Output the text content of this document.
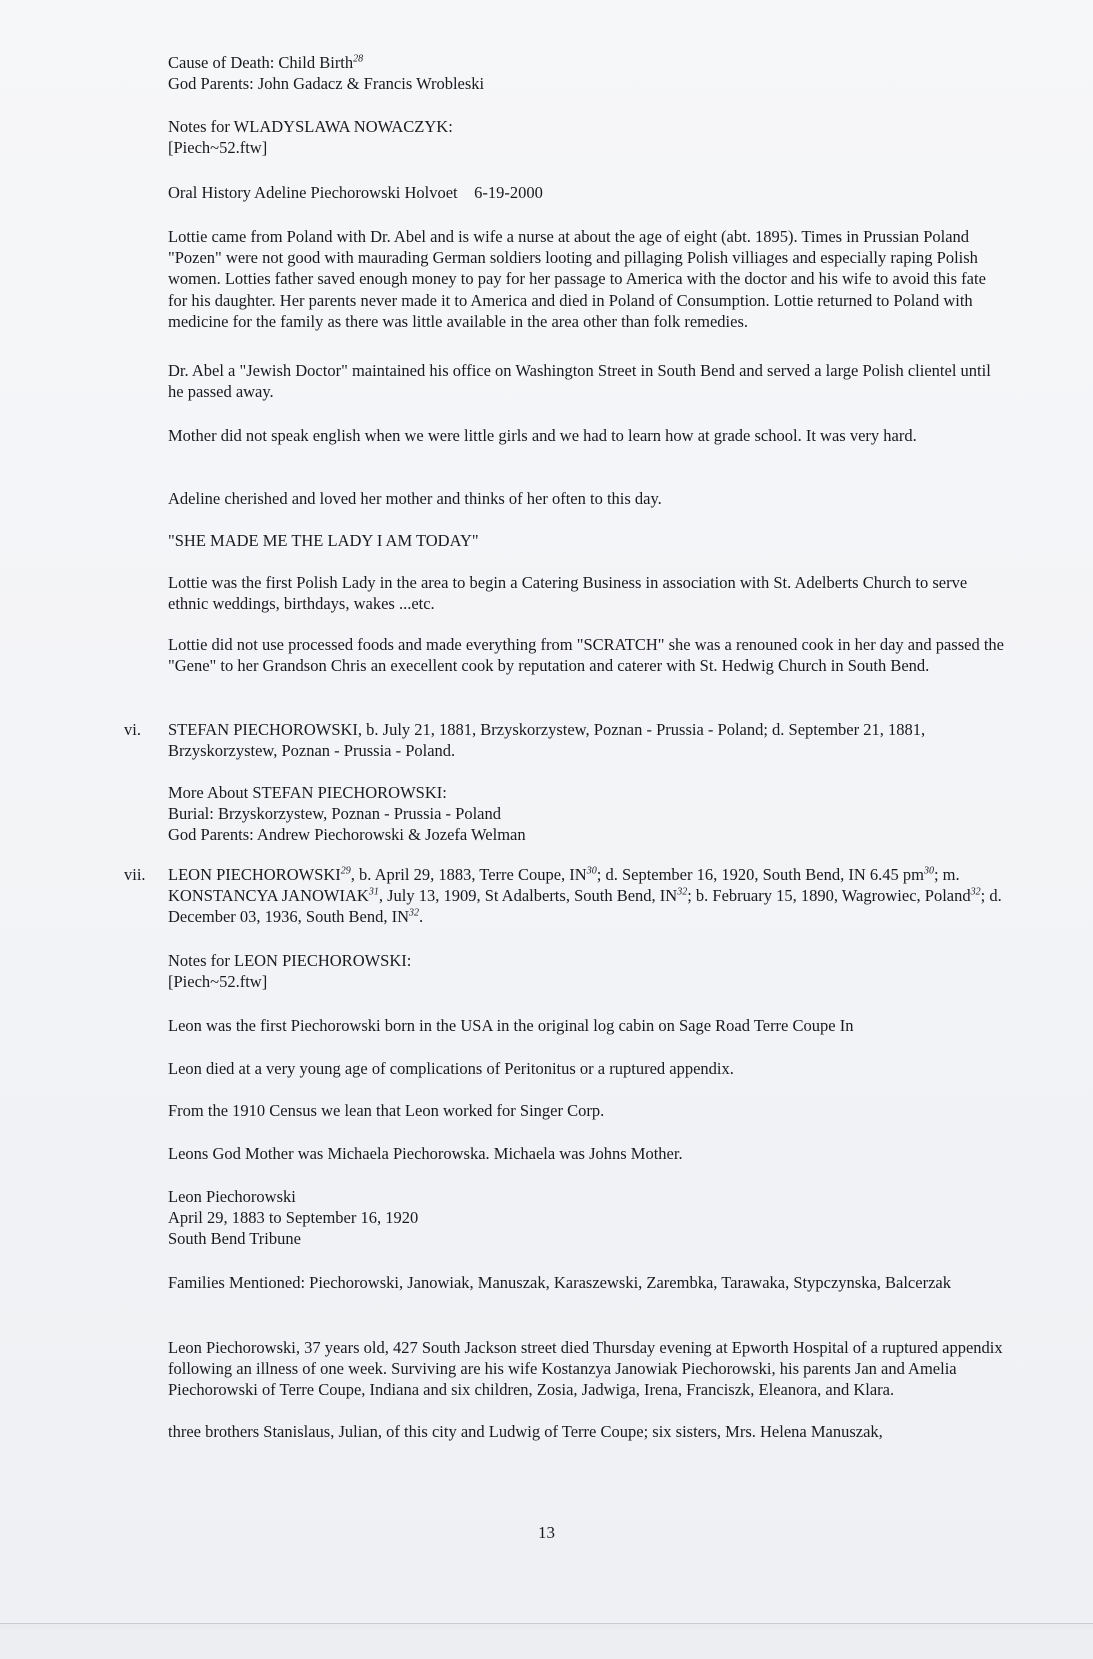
Cause of Death: Child Birth$^{28}$
God Parents: John Gadacz & Francis Wrobleski
Notes for WLADYSLAWA NOWACZYK:
[Piech~52.ftw]
Oral History Adeline Piechorowski Holvoet    6-19-2000
Lottie came from Poland with Dr. Abel and is wife a nurse at about the age of eight (abt. 1895). Times in Prussian Poland "Pozen" were not good with maurading German soldiers looting and pillaging Polish villiages and especially raping Polish women. Lotties father saved enough money to pay for her passage to America with the doctor and his wife to avoid this fate for his daughter. Her parents never made it to America and died in Poland of Consumption. Lottie returned to Poland with medicine for the family as there was little available in the area other than folk remedies.
Dr. Abel a "Jewish Doctor" maintained his office on Washington Street in South Bend and served a large Polish clientel until he passed away.
Mother did not speak english when we were little girls and we had to learn how at grade school. It was very hard.
Adeline cherished and loved her mother and thinks of her often to this day.
"SHE MADE ME THE LADY I AM TODAY"
Lottie was the first Polish Lady in the area to begin a Catering Business in association with St. Adelberts Church to serve ethnic weddings, birthdays, wakes ...etc.
Lottie did not use processed foods and made everything from "SCRATCH" she was a renouned cook in her day and passed the "Gene" to her Grandson Chris an execellent cook by reputation and caterer with St. Hedwig Church in South Bend.
vi. STEFAN PIECHOROWSKI, b. July 21, 1881, Brzyskorzystew, Poznan - Prussia - Poland; d. September 21, 1881, Brzyskorzystew, Poznan - Prussia - Poland.
More About STEFAN PIECHOROWSKI:
Burial: Brzyskorzystew, Poznan - Prussia - Poland
God Parents: Andrew Piechorowski & Jozefa Welman
vii. LEON PIECHOROWSKI$^{29}$, b. April 29, 1883, Terre Coupe, IN$^{30}$; d. September 16, 1920, South Bend, IN 6.45 $pm^{30}$; m. KONSTANCYA JANOWIAK$^{31}$, July 13, 1909, St Adalberts, South Bend, IN$^{32}$; b. February 15, 1890, Wagrowiec, Poland$^{32}$; d. December 03, 1936, South Bend, IN$^{32}$.
Notes for LEON PIECHOROWSKI:
[Piech~52.ftw]
Leon was the first Piechorowski born in the USA in the original log cabin on Sage Road Terre Coupe In
Leon died at a very young age of complications of Peritonitus or a ruptured appendix.
From the 1910 Census we lean that Leon worked for Singer Corp.
Leons God Mother was Michaela Piechorowska. Michaela was Johns Mother.
Leon Piechorowski
April 29, 1883 to September 16, 1920
South Bend Tribune
Families Mentioned: Piechorowski, Janowiak, Manuszak, Karaszewski, Zarembka, Tarawaka, Stypczynska, Balcerzak
Leon Piechorowski, 37 years old, 427 South Jackson street died Thursday evening at Epworth Hospital of a ruptured appendix following an illness of one week. Surviving are his wife Kostanzya Janowiak Piechorowski, his parents Jan and Amelia Piechorowski of Terre Coupe, Indiana and six children, Zosia, Jadwiga, Irena, Franciszk, Eleanora, and Klara.
three brothers Stanislaus, Julian, of this city and Ludwig of Terre Coupe; six sisters, Mrs. Helena Manuszak,
13
